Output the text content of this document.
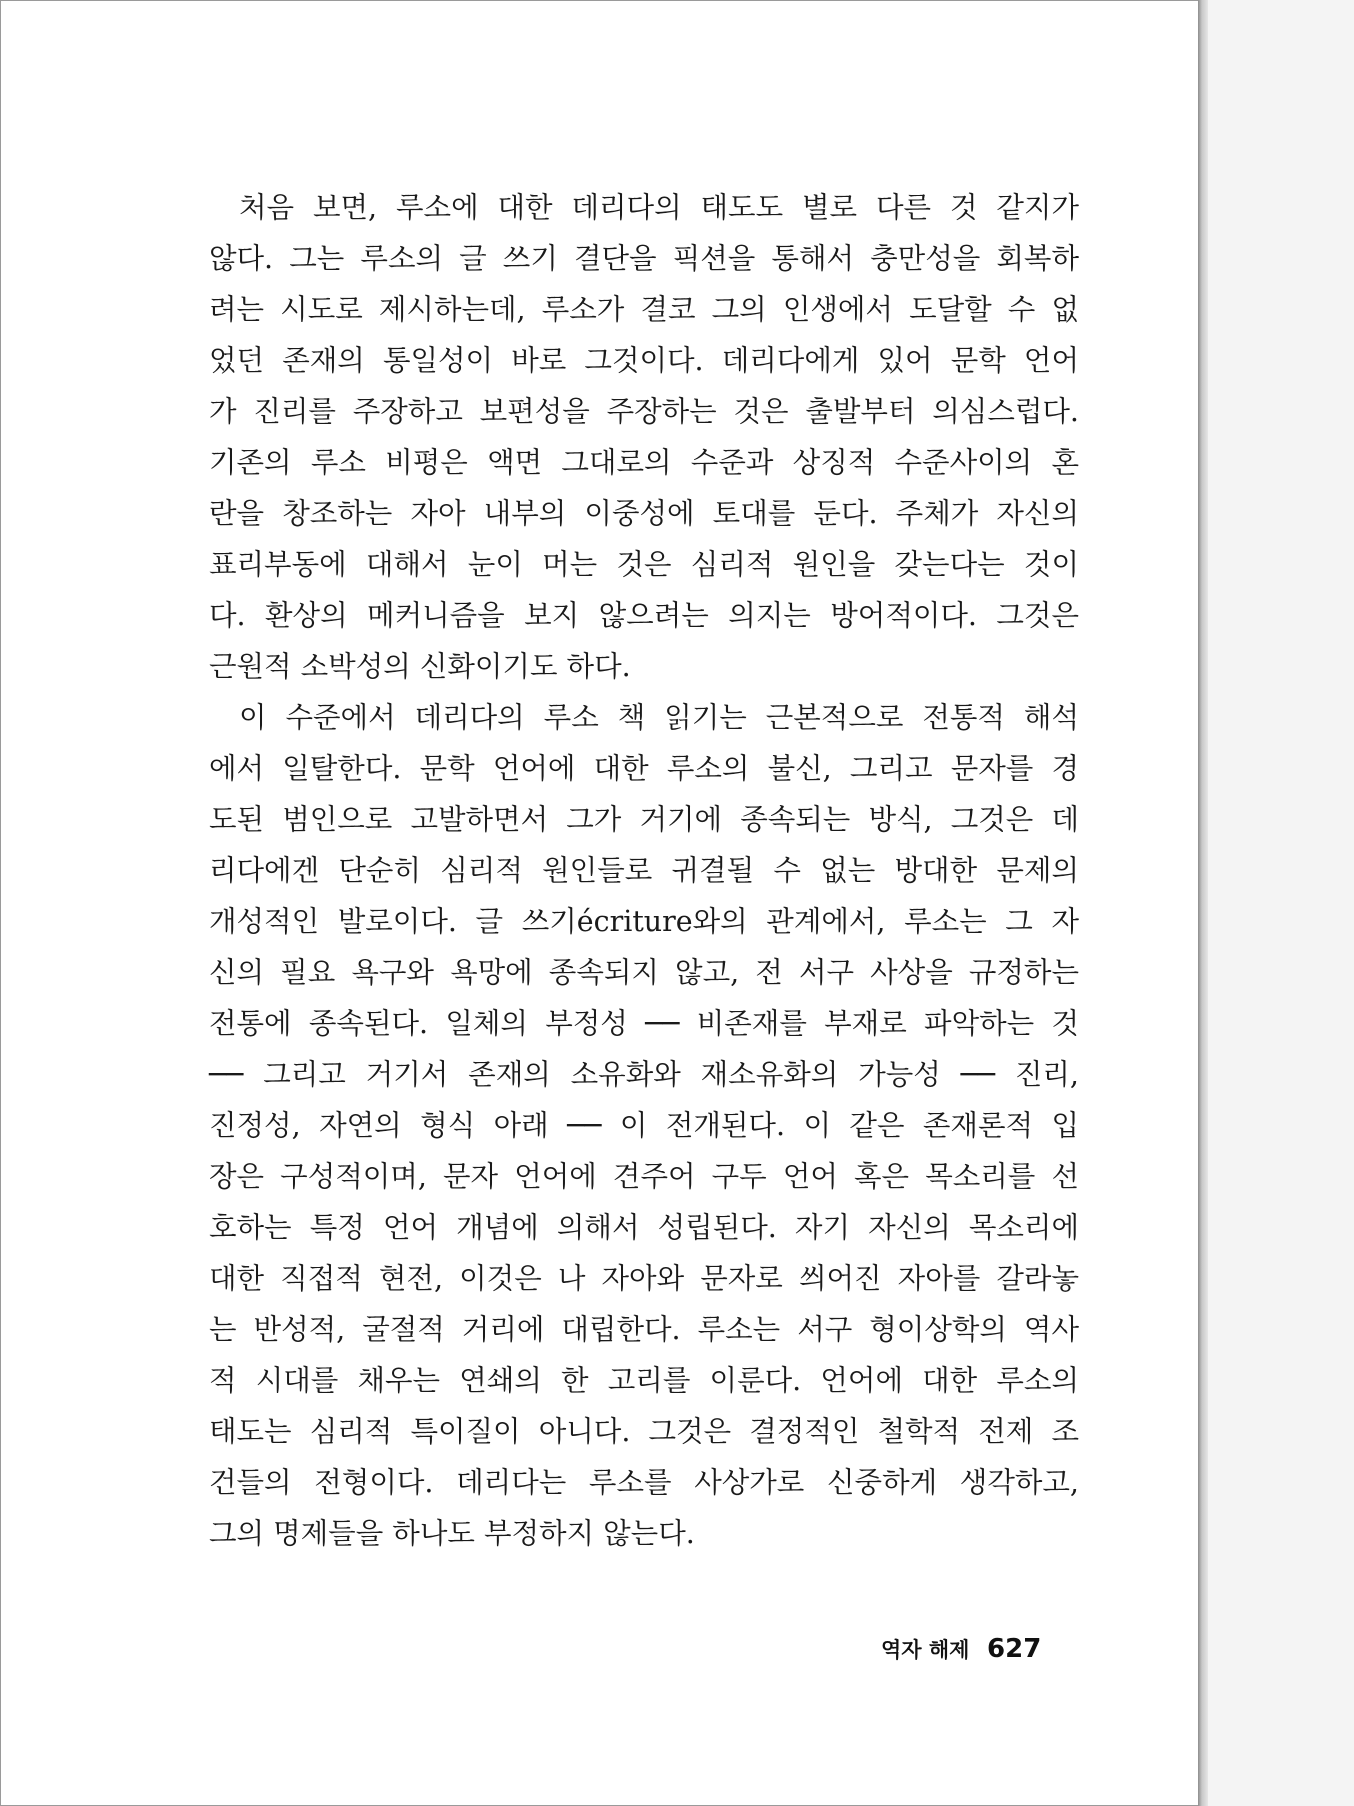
처음 보면, 루소에 대한 데리다의 태도도 별로 다른 것 같지가
않다. 그는 루소의 글 쓰기 결단을 픽션을 통해서 충만성을 회복하
려는 시도로 제시하는데, 루소가 결코 그의 인생에서 도달할 수 없
었던 존재의 통일성이 바로 그것이다. 데리다에게 있어 문학 언어
가 진리를 주장하고 보편성을 주장하는 것은 출발부터 의심스럽다.
기존의 루소 비평은 액면 그대로의 수준과 상징적 수준사이의 혼
란을 창조하는 자아 내부의 이중성에 토대를 둔다. 주체가 자신의
표리부동에 대해서 눈이 머는 것은 심리적 원인을 갖는다는 것이
다. 환상의 메커니즘을 보지 않으려는 의지는 방어적이다. 그것은
근원적 소박성의 신화이기도 하다.
이 수준에서 데리다의 루소 책 읽기는 근본적으로 전통적 해석
에서 일탈한다. 문학 언어에 대한 루소의 불신, 그리고 문자를 경
도된 범인으로 고발하면서 그가 거기에 종속되는 방식, 그것은 데
리다에겐 단순히 심리적 원인들로 귀결될 수 없는 방대한 문제의
개성적인 발로이다. 글 쓰기écriture와의 관계에서, 루소는 그 자
신의 필요 욕구와 욕망에 종속되지 않고, 전 서구 사상을 규정하는
전통에 종속된다. 일체의 부정성 ── 비존재를 부재로 파악하는 것
── 그리고 거기서 존재의 소유화와 재소유화의 가능성 ── 진리,
진정성, 자연의 형식 아래 ── 이 전개된다. 이 같은 존재론적 입
장은 구성적이며, 문자 언어에 견주어 구두 언어 혹은 목소리를 선
호하는 특정 언어 개념에 의해서 성립된다. 자기 자신의 목소리에
대한 직접적 현전, 이것은 나 자아와 문자로 씌어진 자아를 갈라놓
는 반성적, 굴절적 거리에 대립한다. 루소는 서구 형이상학의 역사
적 시대를 채우는 연쇄의 한 고리를 이룬다. 언어에 대한 루소의
태도는 심리적 특이질이 아니다. 그것은 결정적인 철학적 전제 조
건들의 전형이다. 데리다는 루소를 사상가로 신중하게 생각하고,
그의 명제들을 하나도 부정하지 않는다.
역자 해제 627
